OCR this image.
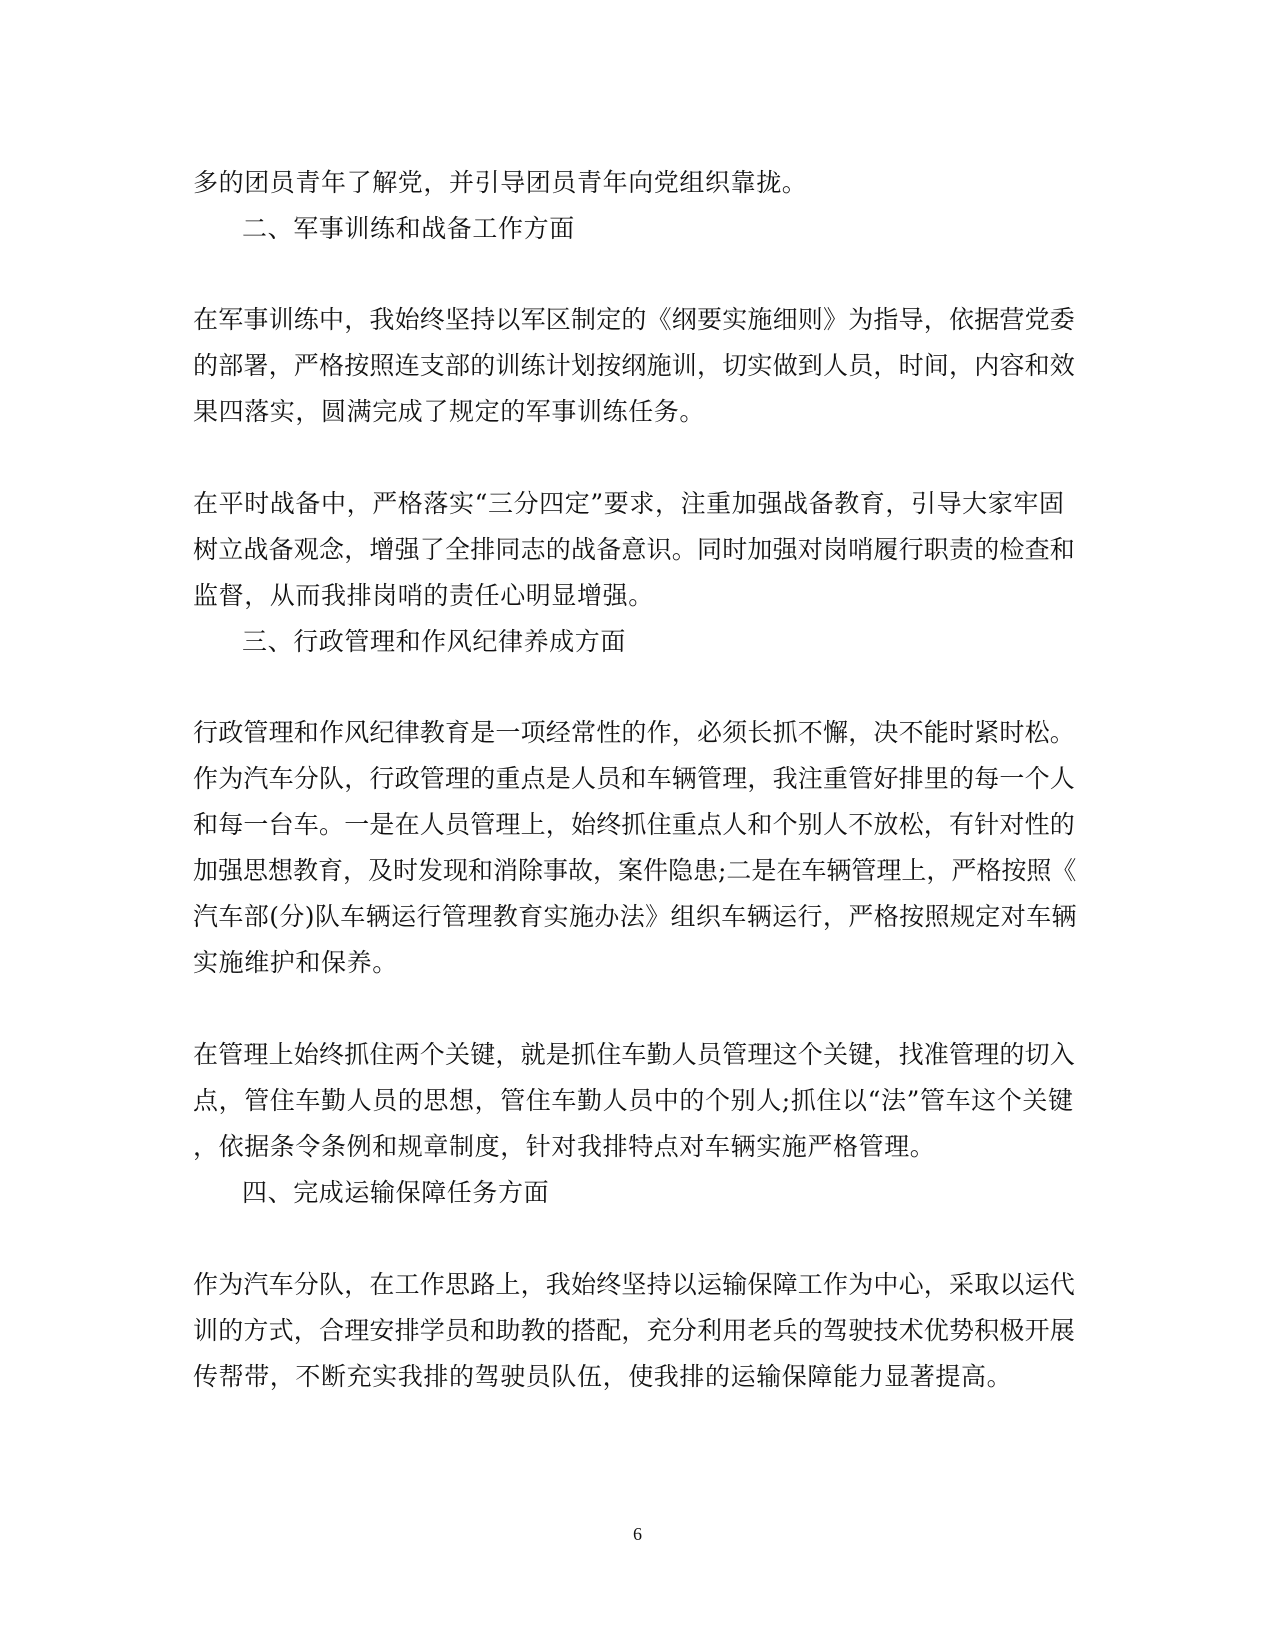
多的团员青年了解党，并引导团员青年向党组织靠拢。
二、军事训练和战备工作方面
在军事训练中，我始终坚持以军区制定的《纲要实施细则》为指导，依据营党委
的部署，严格按照连支部的训练计划按纲施训，切实做到人员，时间，内容和效
果四落实，圆满完成了规定的军事训练任务。
在平时战备中，严格落实“三分四定”要求，注重加强战备教育，引导大家牢固
树立战备观念，增强了全排同志的战备意识。同时加强对岗哨履行职责的检查和
监督，从而我排岗哨的责任心明显增强。
三、行政管理和作风纪律养成方面
行政管理和作风纪律教育是一项经常性的作，必须长抓不懈，决不能时紧时松。
作为汽车分队，行政管理的重点是人员和车辆管理，我注重管好排里的每一个人
和每一台车。一是在人员管理上，始终抓住重点人和个别人不放松，有针对性的
加强思想教育，及时发现和消除事故，案件隐患;二是在车辆管理上，严格按照《
汽车部(分)队车辆运行管理教育实施办法》组织车辆运行，严格按照规定对车辆
实施维护和保养。
在管理上始终抓住两个关键，就是抓住车勤人员管理这个关键，找准管理的切入
点，管住车勤人员的思想，管住车勤人员中的个别人;抓住以“法”管车这个关键
，依据条令条例和规章制度，针对我排特点对车辆实施严格管理。
四、完成运输保障任务方面
作为汽车分队，在工作思路上，我始终坚持以运输保障工作为中心，采取以运代
训的方式，合理安排学员和助教的搭配，充分利用老兵的驾驶技术优势积极开展
传帮带，不断充实我排的驾驶员队伍，使我排的运输保障能力显著提高。
6
